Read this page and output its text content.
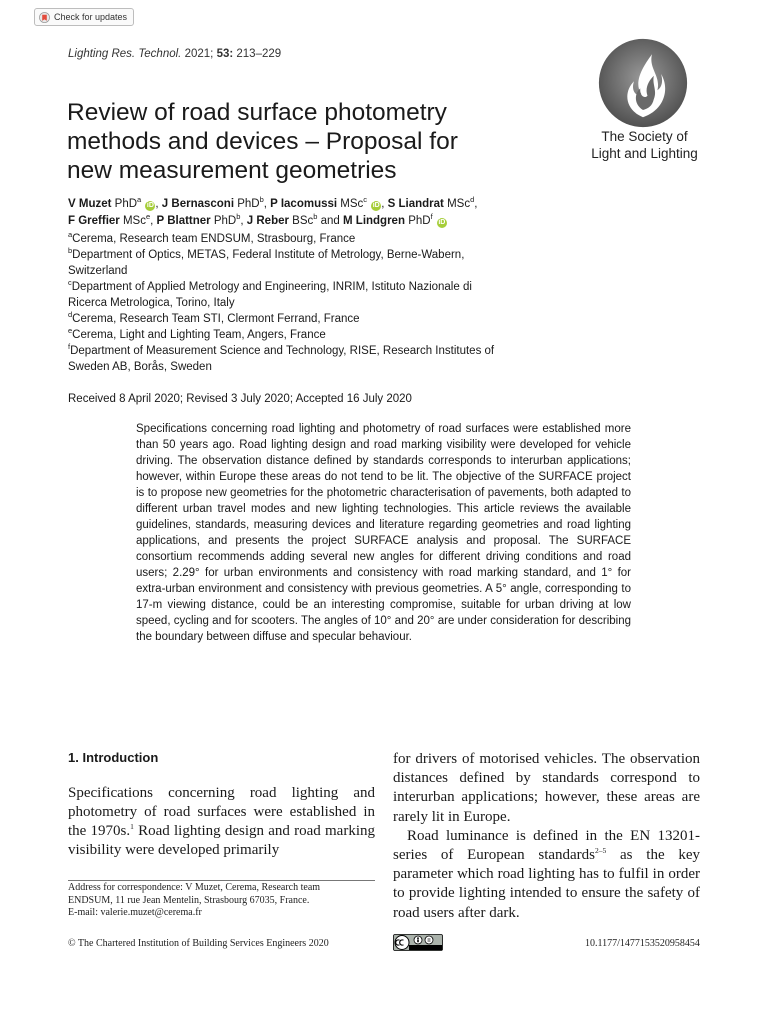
Check for updates
Lighting Res. Technol. 2021; 53: 213–229
Review of road surface photometry
methods and devices – Proposal for
new measurement geometries
The Society of
Light and Lighting
V Muzet PhD$^a$ iD , J Bernasconi PhD$^b$, P Iacomussi MSc$^c$ iD , S Liandrat MSc$^d$,
F Greffier MSc$^e$, P Blattner PhD$^b$, J Reber BSc$^b$ and M Lindgren PhD$^f$ iD
$^a$Cerema, Research team ENDSUM, Strasbourg, France
$^b$Department of Optics, METAS, Federal Institute of Metrology, Berne-Wabern, Switzerland
$^c$Department of Applied Metrology and Engineering, INRIM, Istituto Nazionale di Ricerca Metrologica, Torino, Italy
$^d$Cerema, Research Team STI, Clermont Ferrand, France
$^e$Cerema, Light and Lighting Team, Angers, France
$^f$Department of Measurement Science and Technology, RISE, Research Institutes of Sweden AB, Borås, Sweden
Received 8 April 2020; Revised 3 July 2020; Accepted 16 July 2020

Specifications concerning road lighting and photometry of road surfaces were established more than 50 years ago. Road lighting design and road marking visibility were developed for vehicle driving. The observation distance defined by standards corresponds to interurban applications; however, within Europe these areas do not tend to be lit. The objective of the SURFACE project is to propose new geometries for the photometric characterisation of pavements, both adapted to different urban travel modes and new lighting technologies. This article reviews the available guidelines, standards, measuring devices and literature regarding geometries and road lighting applications, and presents the project SURFACE analysis and proposal. The SURFACE consortium recommends adding several new angles for different driving conditions and road users; 2.29° for urban environments and consistency with road marking standard, and 1° for extra-urban environment and consistency with previous geometries. A 5° angle, corresponding to 17-m viewing distance, could be an interesting compromise, suitable for urban driving at low speed, cycling and for scooters. The angles of 10° and 20° are under consideration for describing the boundary between diffuse and specular behaviour.

1. Introduction

Specifications concerning road lighting and photometry of road surfaces were established in the 1970s.$^1$ Road lighting design and road marking visibility were developed primarily

for drivers of motorised vehicles. The observation distances defined by standards correspond to interurban applications; however, these areas are rarely lit in Europe.

Road luminance is defined in the EN 13201-series of European standards$^{2-5}$ as the key parameter which road lighting has to fulfil in order to provide lighting intended to ensure the safety of road users after dark.

Address for correspondence: V Muzet, Cerema, Research team
ENDSUM, 11 rue Jean Mentelin, Strasbourg 67035, France.
E-mail: valerie.muzet@cerema.fr
© The Chartered Institution of Building Services Engineers 2020	10.1177/1477153520958454
